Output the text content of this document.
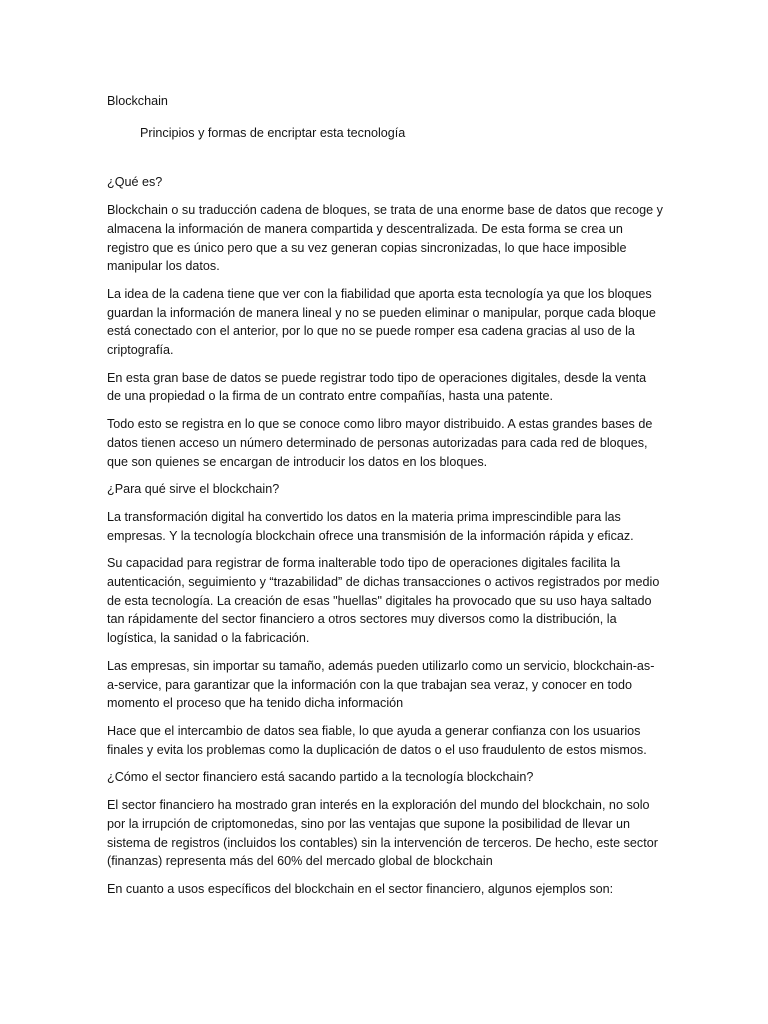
Blockchain
Principios y formas de encriptar esta tecnología
¿Qué es?

Blockchain o su traducción cadena de bloques, se trata de una enorme base de datos que recoge y almacena la información de manera compartida y descentralizada. De esta forma se crea un registro que es único pero que a su vez generan copias sincronizadas, lo que hace imposible manipular los datos.

La idea de la cadena tiene que ver con la fiabilidad que aporta esta tecnología ya que los bloques guardan la información de manera lineal y no se pueden eliminar o manipular, porque cada bloque está conectado con el anterior, por lo que no se puede romper esa cadena gracias al uso de la criptografía.

En esta gran base de datos se puede registrar todo tipo de operaciones digitales, desde la venta de una propiedad o la firma de un contrato entre compañías, hasta una patente.

Todo esto se registra en lo que se conoce como libro mayor distribuido. A estas grandes bases de datos tienen acceso un número determinado de personas autorizadas para cada red de bloques, que son quienes se encargan de introducir los datos en los bloques.

¿Para qué sirve el blockchain?

La transformación digital ha convertido los datos en la materia prima imprescindible para las empresas. Y la tecnología blockchain ofrece una transmisión de la información rápida y eficaz.

Su capacidad para registrar de forma inalterable todo tipo de operaciones digitales facilita la autenticación, seguimiento y “trazabilidad” de dichas transacciones o activos registrados por medio de esta tecnología. La creación de esas "huellas" digitales ha provocado que su uso haya saltado tan rápidamente del sector financiero a otros sectores muy diversos como la distribución, la logística, la sanidad o la fabricación.

Las empresas, sin importar su tamaño, además pueden utilizarlo como un servicio, blockchain-as-a-service, para garantizar que la información con la que trabajan sea veraz, y conocer en todo momento el proceso que ha tenido dicha información

Hace que el intercambio de datos sea fiable, lo que ayuda a generar confianza con los usuarios finales y evita los problemas como la duplicación de datos o el uso fraudulento de estos mismos.

¿Cómo el sector financiero está sacando partido a la tecnología blockchain?

El sector financiero ha mostrado gran interés en la exploración del mundo del blockchain, no solo por la irrupción de criptomonedas, sino por las ventajas que supone la posibilidad de llevar un sistema de registros (incluidos los contables) sin la intervención de terceros. De hecho, este sector (finanzas) representa más del 60% del mercado global de blockchain

En cuanto a usos específicos del blockchain en el sector financiero, algunos ejemplos son:
